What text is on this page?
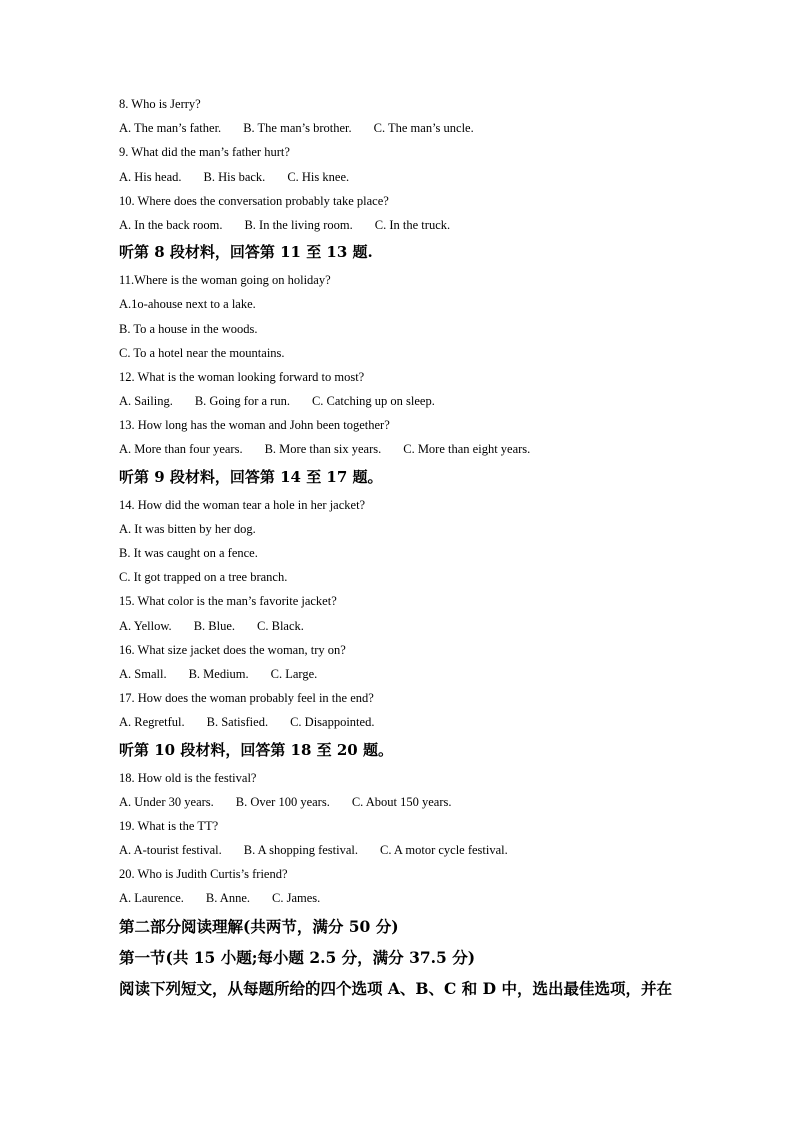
8. Who is Jerry?
A. The man’s father. B. The man’s brother. C. The man’s uncle.
9. What did the man’s father hurt?
A. His head. B. His back. C. His knee.
10. Where does the conversation probably take place?
A. In the back room. B. In the living room. C. In the truck.
听第 8 段材料，回答第 11 至 13 题.
11.Where is the woman going on holiday?
A.1o-ahouse next to a lake.
B. To a house in the woods.
C. To a hotel near the mountains.
12. What is the woman looking forward to most?
A. Sailing. B. Going for a run. C. Catching up on sleep.
13. How long has the woman and John been together?
A. More than four years. B. More than six years. C. More than eight years.
听第 9 段材料，回答第 14 至 17 题。
14. How did the woman tear a hole in her jacket?
A. It was bitten by her dog.
B. It was caught on a fence.
C. It got trapped on a tree branch.
15. What color is the man’s favorite jacket?
A. Yellow. B. Blue. C. Black.
16. What size jacket does the woman, try on?
A. Small. B. Medium. C. Large.
17. How does the woman probably feel in the end?
A. Regretful. B. Satisfied. C. Disappointed.
听第 10 段材料，回答第 18 至 20 题。
18. How old is the festival?
A. Under 30 years. B. Over 100 years. C. About 150 years.
19. What is the TT?
A. A-tourist festival. B. A shopping festival. C. A motor cycle festival.
20. Who is Judith Curtis’s friend?
A. Laurence. B. Anne. C. James.
第二部分阅读理解(共两节，满分 50 分)
第一节(共 15 小题;每小题 2.5 分，满分 37.5 分)
阅读下列短文，从每题所给的四个选项 A、B、C 和 D 中，选出最佳选项，并在
